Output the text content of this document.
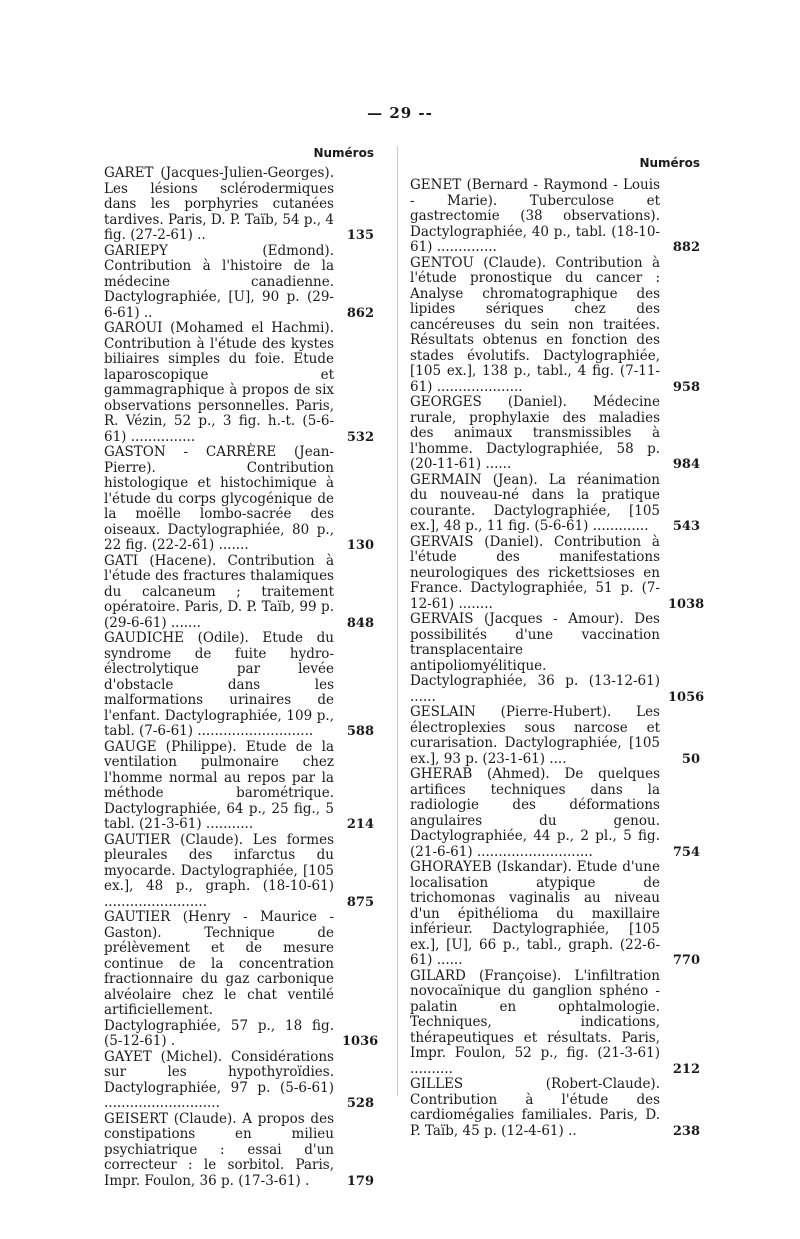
— 29 --
Numéros
GARET (Jacques-Julien-Georges). Les lésions sclérodermiques dans les porphyries cutanées tardives. Paris, D. P. Taïb, 54 p., 4 fig. (27-2-61) ..	135
GARIEPY (Edmond). Contribution à l'histoire de la médecine canadienne. Dactylographiée, [U], 90 p. (29-6-61) ..	862
GAROUI (Mohamed el Hachmi). Contribution à l'étude des kystes biliaires simples du foie. Etude laparoscopique et gammagraphique à propos de six observations personnelles. Paris, R. Vézin, 52 p., 3 fig. h.-t. (5-6-61) ...............	532
GASTON - CARRÈRE (Jean-Pierre). Contribution histologique et histochimique à l'étude du corps glycogénique de la moëlle lombo-sacrée des oiseaux. Dactylographiée, 80 p., 22 fig. (22-2-61) .......	130
GATI (Hacene). Contribution à l'étude des fractures thalamiques du calcaneum ; traitement opératoire. Paris, D. P. Taïb, 99 p. (29-6-61) .......	848
GAUDICHE (Odile). Etude du syndrome de fuite hydro-électrolytique par levée d'obstacle dans les malformations urinaires de l'enfant. Dactylographiée, 109 p., tabl. (7-6-61) ...........................	588
GAUGE (Philippe). Etude de la ventilation pulmonaire chez l'homme normal au repos par la méthode barométrique. Dactylographiée, 64 p., 25 fig., 5 tabl. (21-3-61) ...........	214
GAUTIER (Claude). Les formes pleurales des infarctus du myocarde. Dactylographiée, [105 ex.], 48 p., graph. (18-10-61) ........................	875
GAUTIER (Henry - Maurice - Gaston). Technique de prélèvement et de mesure continue de la concentration fractionnaire du gaz carbonique alvéolaire chez le chat ventilé artificiellement. Dactylographiée, 57 p., 18 fig. (5-12-61) .	1036
GAYET (Michel). Considérations sur les hypothyroïdies. Dactylographiée, 97 p. (5-6-61) ...........................	528
GEISERT (Claude). A propos des constipations en milieu psychiatrique : essai d'un correcteur : le sorbitol. Paris, Impr. Foulon, 36 p. (17-3-61) .	179
Numéros
GENET (Bernard - Raymond - Louis - Marie). Tuberculose et gastrectomie (38 observations). Dactylographiée, 40 p., tabl. (18-10-61) ..............	882
GENTOU (Claude). Contribution à l'étude pronostique du cancer : Analyse chromatographique des lipides sériques chez des cancéreuses du sein non traitées. Résultats obtenus en fonction des stades évolutifs. Dactylographiée, [105 ex.], 138 p., tabl., 4 fig. (7-11-61) ....................	958
GEORGES (Daniel). Médecine rurale, prophylaxie des maladies des animaux transmissibles à l'homme. Dactylographiée, 58 p. (20-11-61) ......	984
GERMAIN (Jean). La réanimation du nouveau-né dans la pratique courante. Dactylographiée, [105 ex.], 48 p., 11 fig. (5-6-61) .............	543
GERVAIS (Daniel). Contribution à l'étude des manifestations neurologiques des rickettsioses en France. Dactylographiée, 51 p. (7-12-61) ........	1038
GERVAIS (Jacques - Amour). Des possibilités d'une vaccination transplacentaire antipoliomyélitique. Dactylographiée, 36 p. (13-12-61) ......	1056
GESLAIN (Pierre-Hubert). Les électroplexies sous narcose et curarisation. Dactylographiée, [105 ex.], 93 p. (23-1-61) ....	50
GHERAB (Ahmed). De quelques artifices techniques dans la radiologie des déformations angulaires du genou. Dactylographiée, 44 p., 2 pl., 5 fig. (21-6-61) ...........................	754
GHORAYEB (Iskandar). Etude d'une localisation atypique de trichomonas vaginalis au niveau d'un épithélioma du maxillaire inférieur. Dactylographiée, [105 ex.], [U], 66 p., tabl., graph. (22-6-61) ......	770
GILARD (Françoise). L'infiltration novocaïnique du ganglion sphéno - palatin en ophtalmologie. Techniques, indications, thérapeutiques et résultats. Paris, Impr. Foulon, 52 p., fig. (21-3-61) ..........	212
GILLES (Robert-Claude). Contribution à l'étude des cardiomégalies familiales. Paris, D. P. Taïb, 45 p. (12-4-61) ..	238
